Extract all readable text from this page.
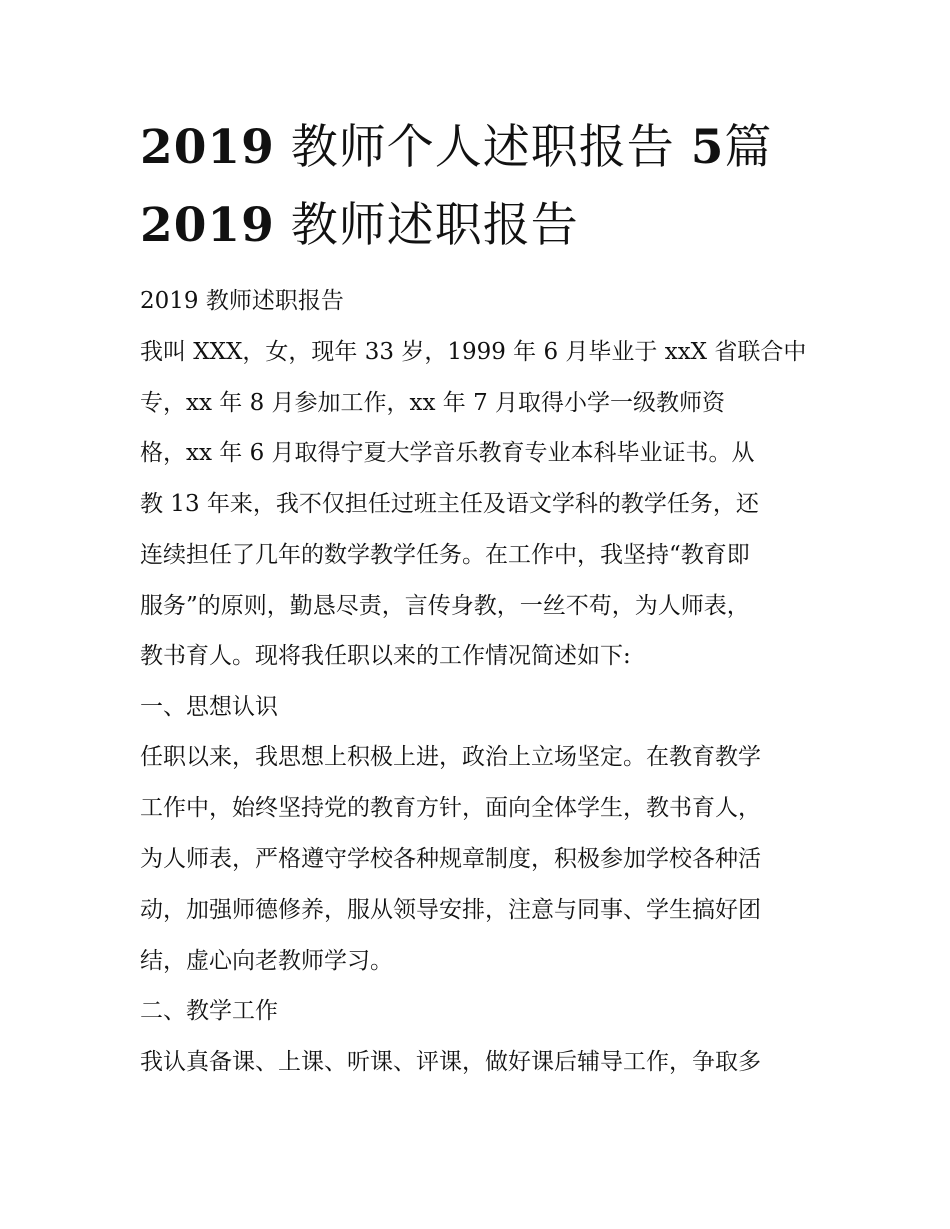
2019 教师个人述职报告 5篇
2019 教师述职报告

2019 教师述职报告

我叫 XXX，女，现年 33 岁，1999 年 6 月毕业于 xxX 省联合中

专，xx 年 8 月参加工作，xx 年 7 月取得小学一级教师资

格，xx 年 6 月取得宁夏大学音乐教育专业本科毕业证书。从

教 13 年来，我不仅担任过班主任及语文学科的教学任务，还

连续担任了几年的数学教学任务。在工作中，我坚持“教育即

服务”的原则，勤恳尽责，言传身教，一丝不苟，为人师表，

教书育人。现将我任职以来的工作情况简述如下:

一、思想认识

任职以来，我思想上积极上进，政治上立场坚定。在教育教学

工作中，始终坚持党的教育方针，面向全体学生，教书育人，

为人师表，严格遵守学校各种规章制度，积极参加学校各种活

动，加强师德修养，服从领导安排，注意与同事、学生搞好团

结，虚心向老教师学习。

二、教学工作

我认真备课、上课、听课、评课，做好课后辅导工作，争取多
